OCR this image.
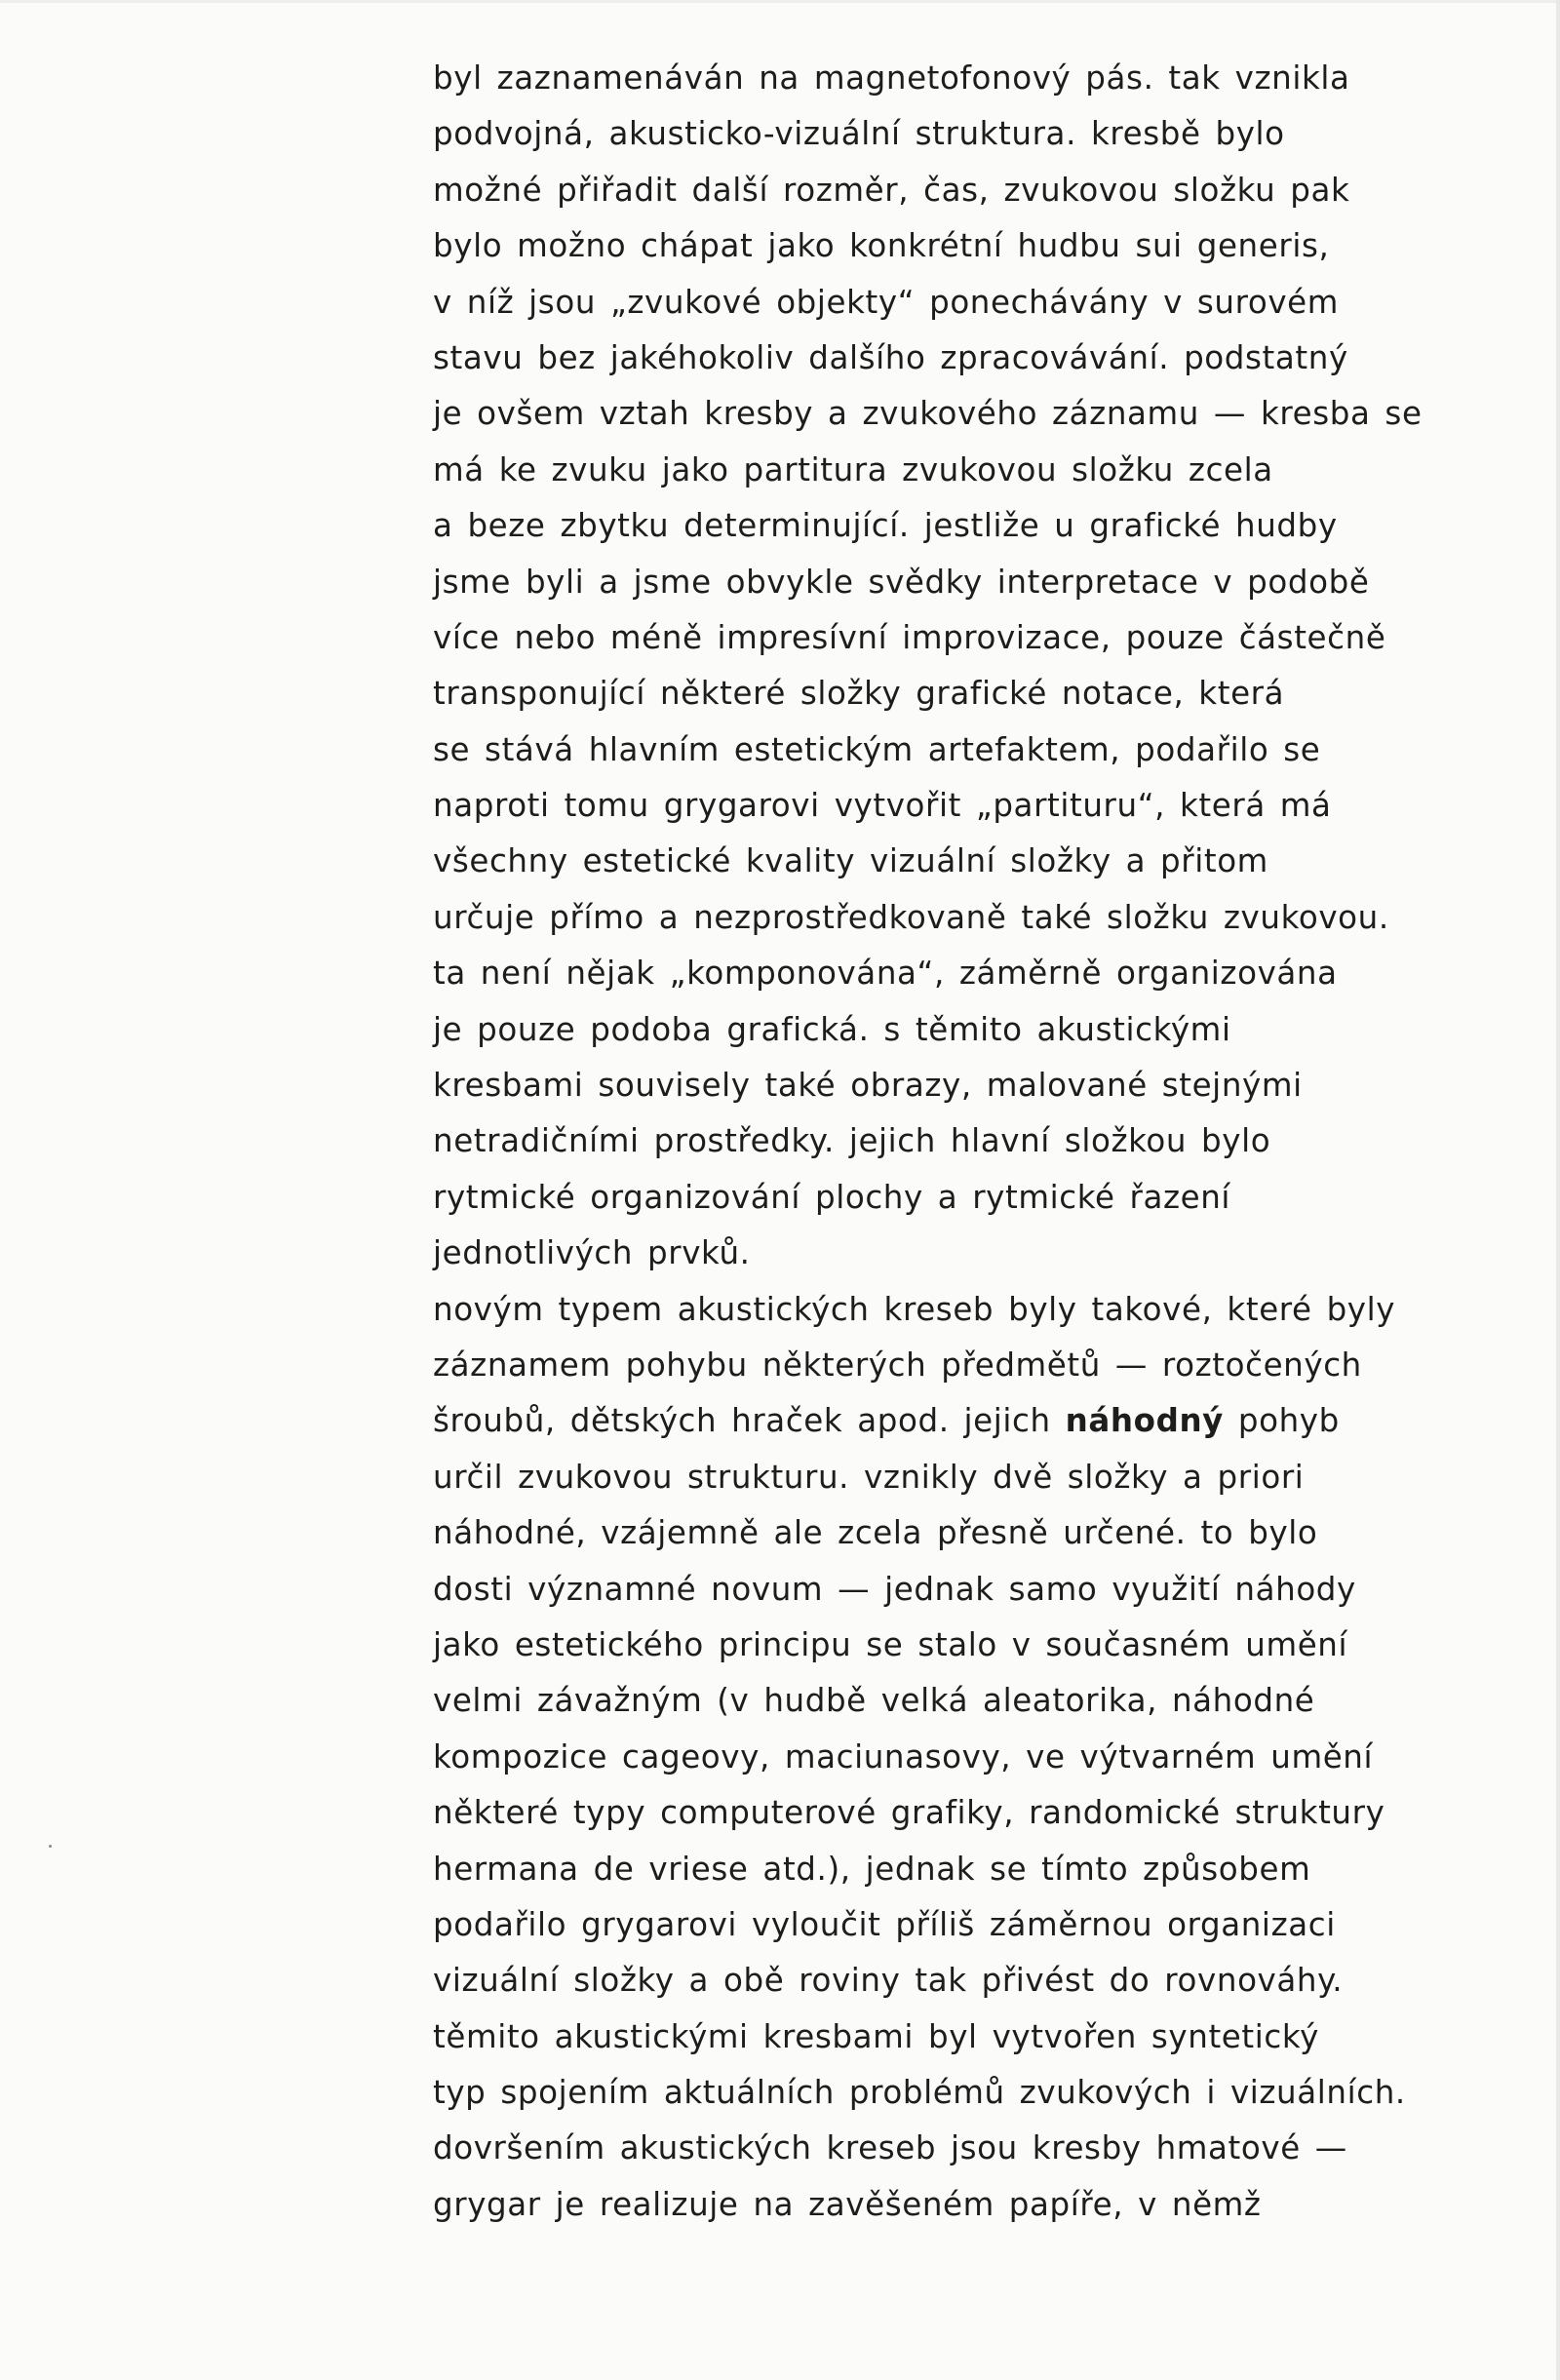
byl zaznamenáván na magnetofonový pás. tak vznikla
podvojná, akusticko-vizuální struktura. kresbě bylo
možné přiřadit další rozměr, čas, zvukovou složku pak
bylo možno chápat jako konkrétní hudbu sui generis,
v níž jsou „zvukové objekty“ ponechávány v surovém
stavu bez jakéhokoliv dalšího zpracovávání. podstatný
je ovšem vztah kresby a zvukového záznamu — kresba se
má ke zvuku jako partitura zvukovou složku zcela
a beze zbytku determinující. jestliže u grafické hudby
jsme byli a jsme obvykle svědky interpretace v podobě
více nebo méně impresívní improvizace, pouze částečně
transponující některé složky grafické notace, která
se stává hlavním estetickým artefaktem, podařilo se
naproti tomu grygarovi vytvořit „partituru“, která má
všechny estetické kvality vizuální složky a přitom
určuje přímo a nezprostředkovaně také složku zvukovou.
ta není nějak „komponována“, záměrně organizována
je pouze podoba grafická. s těmito akustickými
kresbami souvisely také obrazy, malované stejnými
netradičními prostředky. jejich hlavní složkou bylo
rytmické organizování plochy a rytmické řazení
jednotlivých prvků.
novým typem akustických kreseb byly takové, které byly
záznamem pohybu některých předmětů — roztočených
šroubů, dětských hraček apod. jejich náhodný pohyb
určil zvukovou strukturu. vznikly dvě složky a priori
náhodné, vzájemně ale zcela přesně určené. to bylo
dosti významné novum — jednak samo využití náhody
jako estetického principu se stalo v současném umění
velmi závažným (v hudbě velká aleatorika, náhodné
kompozice cageovy, maciunasovy, ve výtvarném umění
některé typy computerové grafiky, randomické struktury
hermana de vriese atd.), jednak se tímto způsobem
podařilo grygarovi vyloučit příliš záměrnou organizaci
vizuální složky a obě roviny tak přivést do rovnováhy.
těmito akustickými kresbami byl vytvořen syntetický
typ spojením aktuálních problémů zvukových i vizuálních.
dovršením akustických kreseb jsou kresby hmatové —
grygar je realizuje na zavěšeném papíře, v němž
